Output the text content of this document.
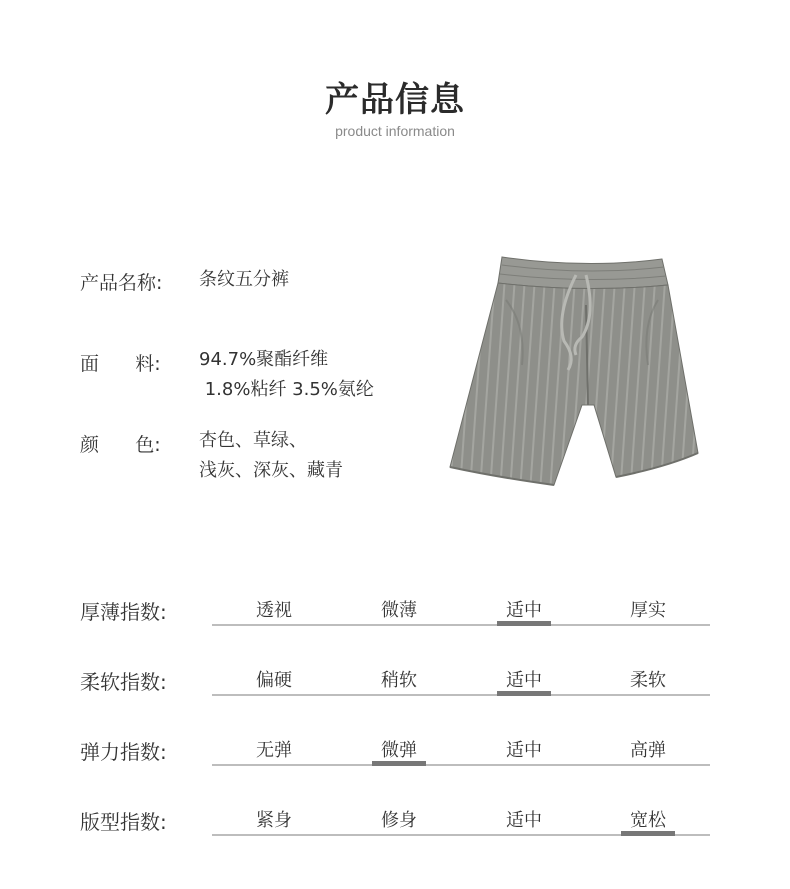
产品信息
product information
产品名称: 条纹五分裤
面      料: 94.7%聚酯纤维
1.8%粘纤 3.5%氨纶
颜      色: 杏色、草绿、
浅灰、深灰、藏青
厚薄指数:	透视	微薄	适中	厚实
柔软指数:	偏硬	稍软	适中	柔软
弹力指数:	无弹	微弹	适中	高弹
版型指数:	紧身	修身	适中	宽松
